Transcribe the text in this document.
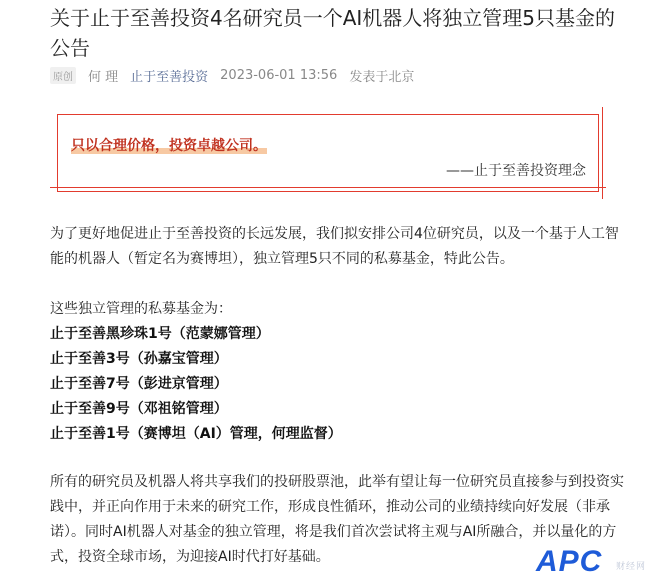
关于止于至善投资4名研究员一个AI机器人将独立管理5只基金的公告
原创 何 理 止于至善投资 2023-06-01 13:56 发表于北京
只以合理价格，投资卓越公司。
——止于至善投资理念

为了更好地促进止于至善投资的长远发展，我们拟安排公司4位研究员，以及一个基于人工智能的机器人（暂定名为赛博坦），独立管理5只不同的私募基金，特此公告。

这些独立管理的私募基金为：

止于至善黑珍珠1号（范蒙娜管理）
止于至善3号（孙嘉宝管理）
止于至善7号（彭进京管理）
止于至善9号（邓祖铭管理）
止于至善1号（赛博坦（AI）管理，何理监督）

所有的研究员及机器人将共享我们的投研股票池，此举有望让每一位研究员直接参与到投资实践中，并正向作用于未来的研究工作，形成良性循环，推动公司的业绩持续向好发展（非承诺）。同时AI机器人对基金的独立管理，将是我们首次尝试将主观与AI所融合，并以量化的方式，投资全球市场，为迎接AI时代打好基础。	APC 财经网
